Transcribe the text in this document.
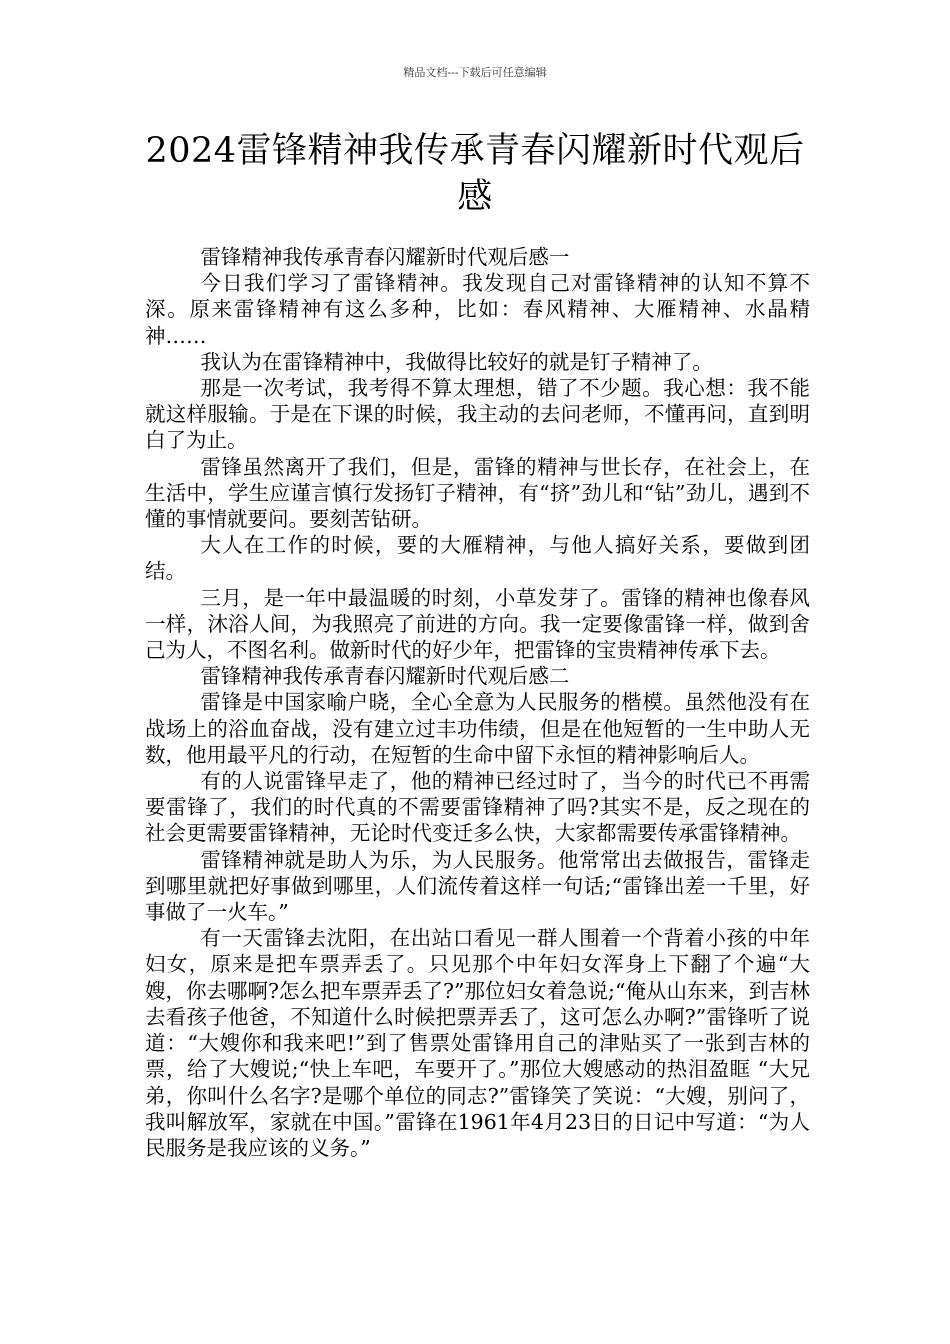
精品文档---下载后可任意编辑
2024雷锋精神我传承青春闪耀新时代观后感

雷锋精神我传承青春闪耀新时代观后感一

今日我们学习了雷锋精神。我发现自己对雷锋精神的认知不算不深。原来雷锋精神有这么多种，比如：春风精神、大雁精神、水晶精神……

我认为在雷锋精神中，我做得比较好的就是钉子精神了。

那是一次考试，我考得不算太理想，错了不少题。我心想：我不能就这样服输。于是在下课的时候，我主动的去问老师，不懂再问，直到明白了为止。

雷锋虽然离开了我们，但是，雷锋的精神与世长存，在社会上，在生活中，学生应谨言慎行发扬钉子精神，有“挤”劲儿和“钻”劲儿，遇到不懂的事情就要问。要刻苦钻研。

大人在工作的时候，要的大雁精神，与他人搞好关系，要做到团结。

三月，是一年中最温暖的时刻，小草发芽了。雷锋的精神也像春风一样，沐浴人间，为我照亮了前进的方向。我一定要像雷锋一样，做到舍己为人，不图名利。做新时代的好少年，把雷锋的宝贵精神传承下去。

雷锋精神我传承青春闪耀新时代观后感二

雷锋是中国家喻户晓，全心全意为人民服务的楷模。虽然他没有在战场上的浴血奋战，没有建立过丰功伟绩，但是在他短暂的一生中助人无数，他用最平凡的行动，在短暂的生命中留下永恒的精神影响后人。

有的人说雷锋早走了，他的精神已经过时了，当今的时代已不再需要雷锋了，我们的时代真的不需要雷锋精神了吗?其实不是，反之现在的社会更需要雷锋精神，无论时代变迁多么快，大家都需要传承雷锋精神。

雷锋精神就是助人为乐，为人民服务。他常常出去做报告，雷锋走到哪里就把好事做到哪里，人们流传着这样一句话;“雷锋出差一千里，好事做了一火车。”

有一天雷锋去沈阳，在出站口看见一群人围着一个背着小孩的中年妇女，原来是把车票弄丢了。只见那个中年妇女浑身上下翻了个遍“大嫂，你去哪啊?怎么把车票弄丢了?”那位妇女着急说;“俺从山东来，到吉林去看孩子他爸，不知道什么时候把票弄丢了，这可怎么办啊?”雷锋听了说道：“大嫂你和我来吧!”到了售票处雷锋用自己的津贴买了一张到吉林的票，给了大嫂说;“快上车吧，车要开了。”那位大嫂感动的热泪盈眶 “大兄弟，你叫什么名字?是哪个单位的同志?”雷锋笑了笑说：“大嫂，别问了，我叫解放军，家就在中国。”雷锋在1961年4月23日的日记中写道：“为人民服务是我应该的义务。”
